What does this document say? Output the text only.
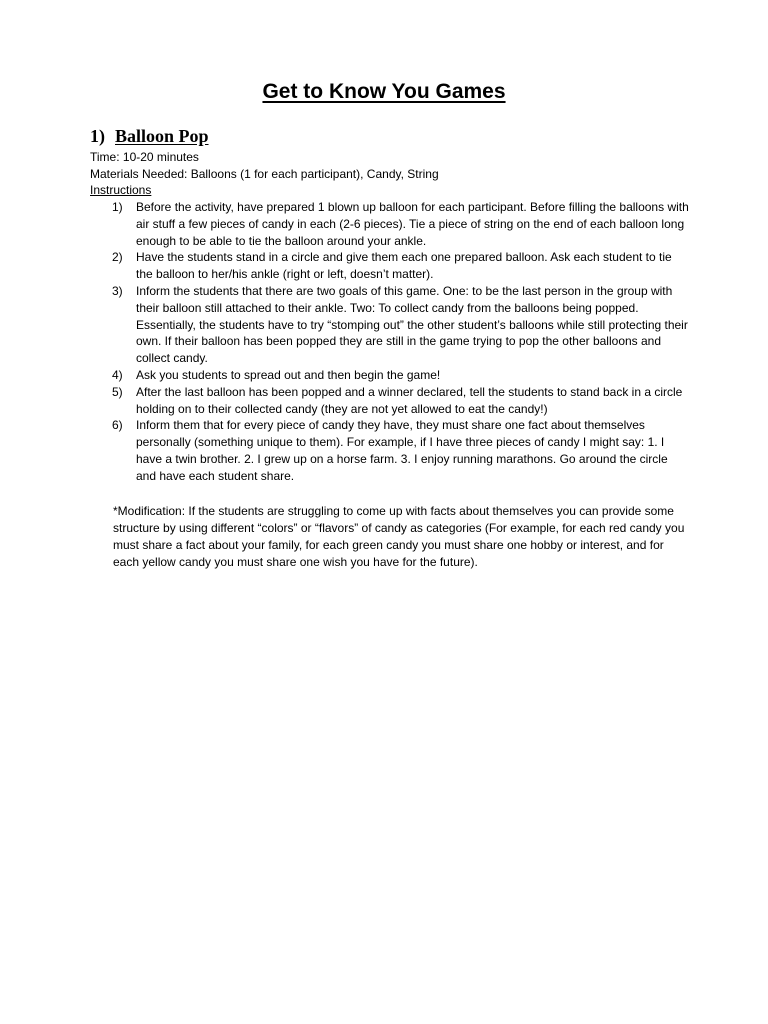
Get to Know You Games
1) Balloon Pop

Time: 10-20 minutes

Materials Needed: Balloons (1 for each participant), Candy, String

Instructions

1) Before the activity, have prepared 1 blown up balloon for each participant. Before filling the balloons with air stuff a few pieces of candy in each (2-6 pieces). Tie a piece of string on the end of each balloon long enough to be able to tie the balloon around your ankle.
2) Have the students stand in a circle and give them each one prepared balloon. Ask each student to tie the balloon to her/his ankle (right or left, doesn’t matter).
3) Inform the students that there are two goals of this game. One: to be the last person in the group with their balloon still attached to their ankle. Two: To collect candy from the balloons being popped. Essentially, the students have to try “stomping out” the other student’s balloons while still protecting their own. If their balloon has been popped they are still in the game trying to pop the other balloons and collect candy.
4) Ask you students to spread out and then begin the game!
5) After the last balloon has been popped and a winner declared, tell the students to stand back in a circle holding on to their collected candy (they are not yet allowed to eat the candy!)
6) Inform them that for every piece of candy they have, they must share one fact about themselves personally (something unique to them). For example, if I have three pieces of candy I might say: 1. I have a twin brother. 2. I grew up on a horse farm. 3. I enjoy running marathons. Go around the circle and have each student share.

*Modification: If the students are struggling to come up with facts about themselves you can provide some structure by using different “colors” or “flavors” of candy as categories (For example, for each red candy you must share a fact about your family, for each green candy you must share one hobby or interest, and for each yellow candy you must share one wish you have for the future).
